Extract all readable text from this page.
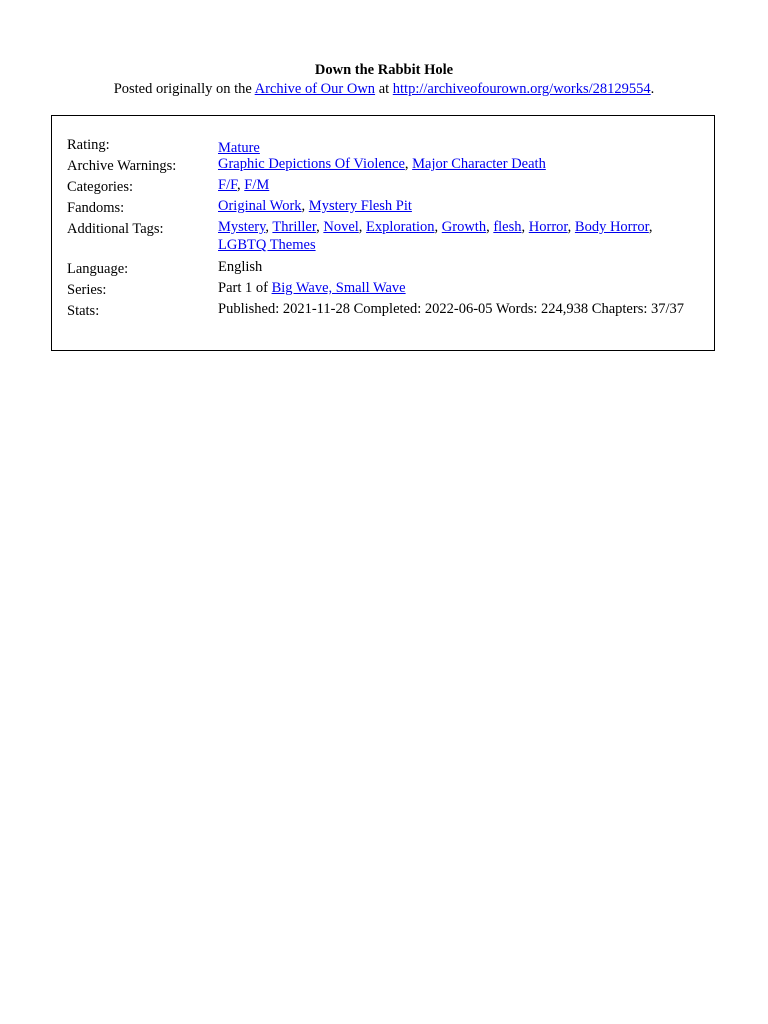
Down the Rabbit Hole
Posted originally on the Archive of Our Own at http://archiveofourown.org/works/28129554.
Rating:	Mature
Archive Warnings:	Graphic Depictions Of Violence, Major Character Death
Categories:	F/F, F/M
Fandoms:	Original Work, Mystery Flesh Pit
Additional Tags:	Mystery, Thriller, Novel, Exploration, Growth, flesh, Horror, Body Horror, LGBTQ Themes
Language:	English
Series:	Part 1 of Big Wave, Small Wave
Stats:	Published: 2021-11-28 Completed: 2022-06-05 Words: 224,938 Chapters: 37/37
